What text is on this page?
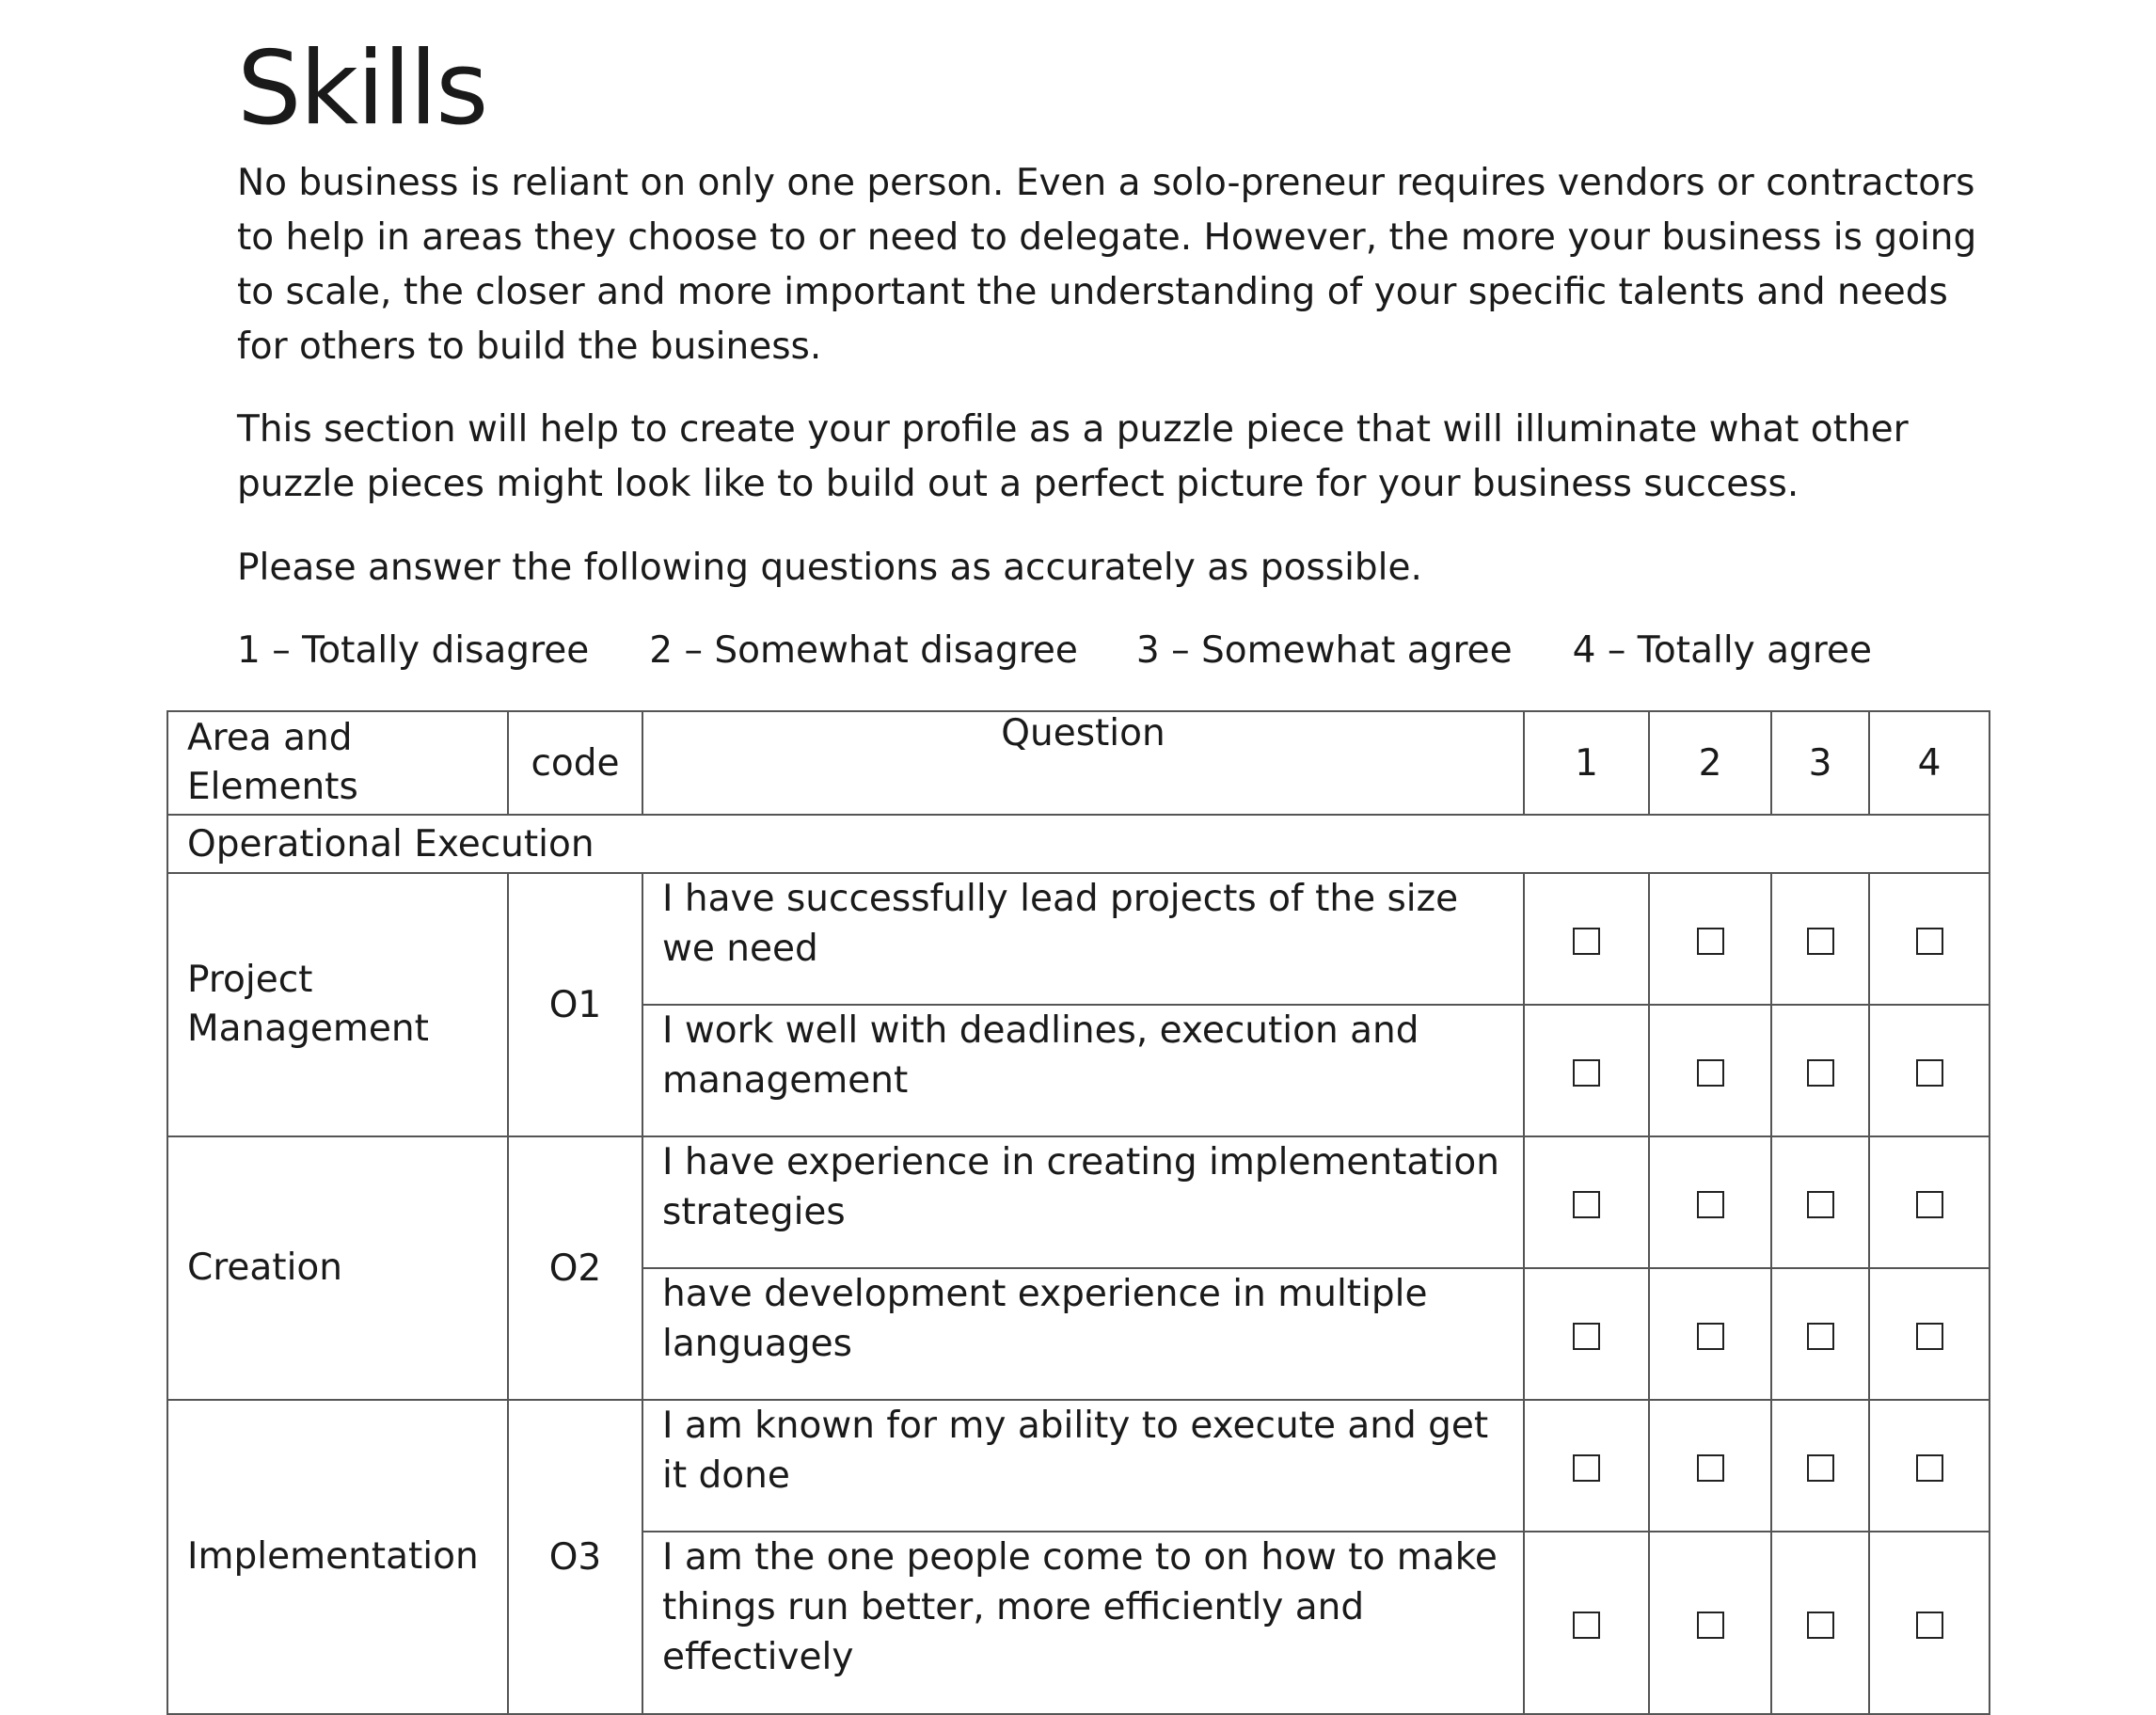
Skills

No business is reliant on only one person. Even a solo-preneur requires vendors or contractors to help in areas they choose to or need to delegate. However, the more your business is going to scale, the closer and more important the understanding of your specific talents and needs for others to build the business.

This section will help to create your profile as a puzzle piece that will illuminate what other puzzle pieces might look like to build out a perfect picture for your business success.

Please answer the following questions as accurately as possible.

1 – Totally disagree 2 – Somewhat disagree 3 – Somewhat agree 4 – Totally agree
Area and Elements	code	Question	1	2	3	4
Operational Execution						
Project Management	O1	I have successfully lead projects of the size we need				
		I work well with deadlines, execution and management				
Creation	O2	I have experience in creating implementation strategies				
		have development experience in multiple languages				
Implementation	O3	I am known for my ability to execute and get it done				
		I am the one people come to on how to make things run better, more efficiently and effectively				
